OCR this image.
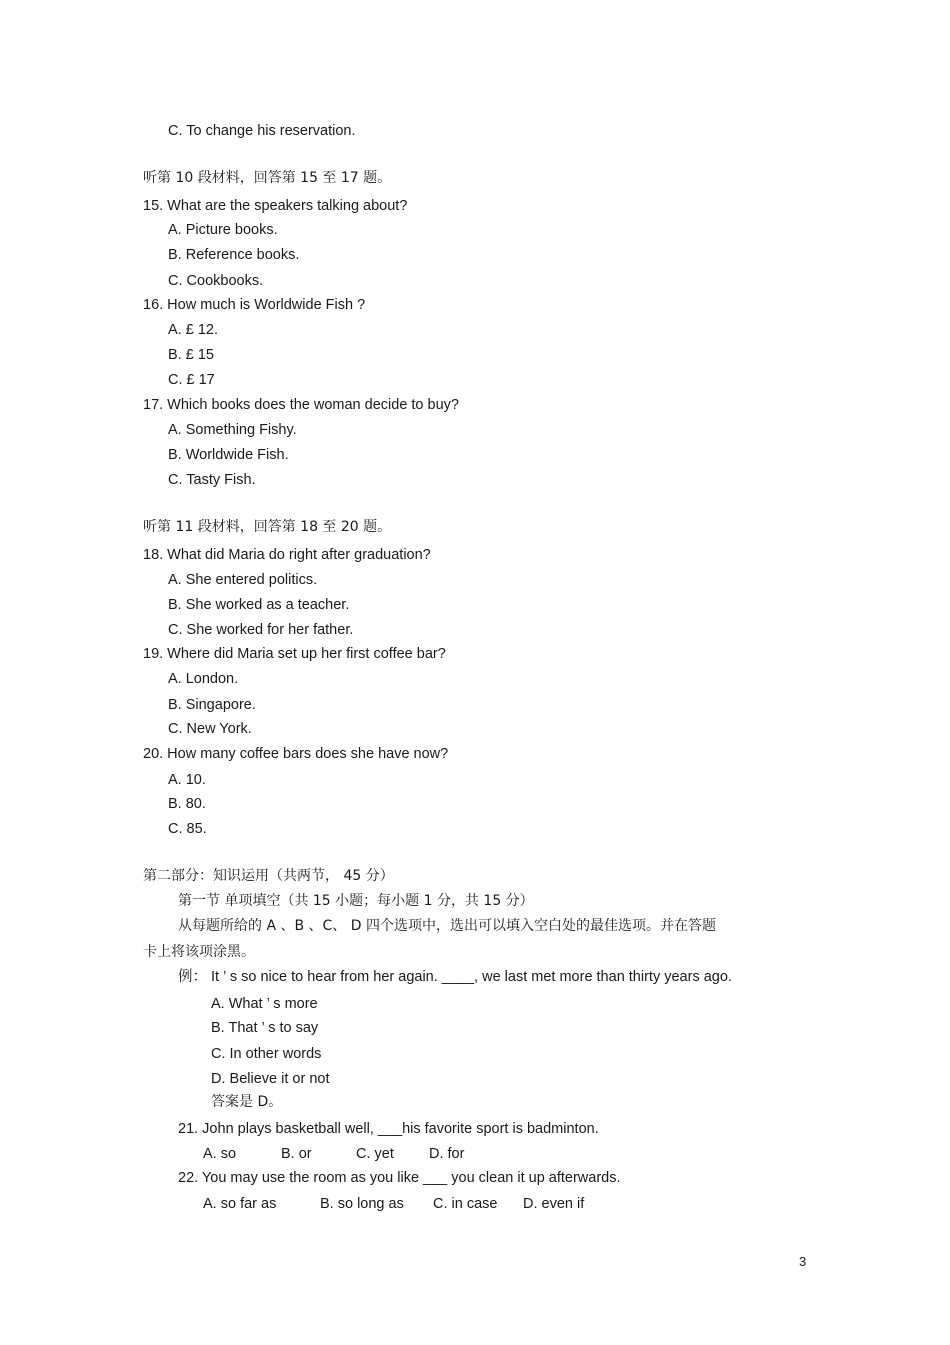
C. To change his reservation.
听第 10 段材料，回答第 15 至 17 题。
15. What are the speakers talking about?
A. Picture books.
B. Reference books.
C. Cookbooks.
16. How much is Worldwide Fish ?
A. £ 12.
B. £ 15
C. £ 17
17. Which books does the woman decide to buy?
A. Something Fishy.
B. Worldwide Fish.
C. Tasty Fish.
听第 11 段材料，回答第 18 至 20 题。
18. What did Maria do right after graduation?
A. She entered politics.
B. She worked as a teacher.
C. She worked for her father.
19. Where did Maria set up her first coffee bar?
A. London.
B. Singapore.
C. New York.
20. How many coffee bars does she have now?
A. 10.
B. 80.
C. 85.
第二部分：知识运用（共两节， 45 分）
第一节 单项填空（共 15 小题；每小题 1 分，共 15 分）
从每题所给的 A 、B 、C、 D 四个选项中，选出可以填入空白处的最佳选项。并在答题
卡上将该项涂黑。
例： It ’ s so nice to hear from her again. ____, we last met more than thirty years ago.
A. What ’ s more
B. That ’ s to say
C. In other words
D. Believe it or not
答案是 D。
21. John plays basketball well, ___his favorite sport is badminton.
A. so	B. or	C. yet D. for
22. You may use the room as you like ___ you clean it up afterwards.
A. so far as	B. so long as C. in case D. even if
3
